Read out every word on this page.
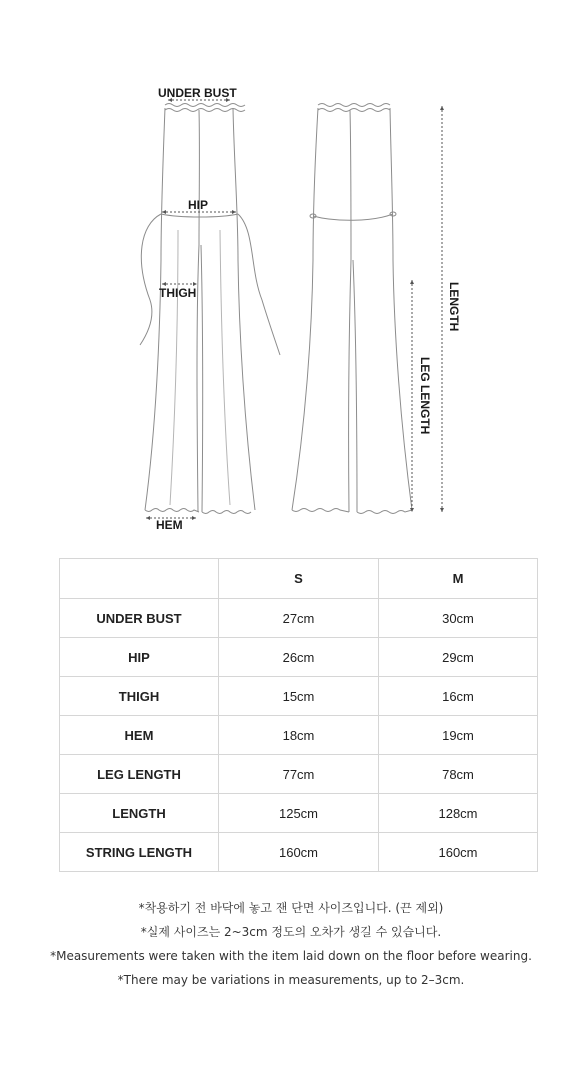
UNDER BUST
HIP
THIGH
HEM
LEG LENGTH
LENGTH
	S	M
UNDER BUST	27cm	30cm
HIP	26cm	29cm
THIGH	15cm	16cm
HEM	18cm	19cm
LEG LENGTH	77cm	78cm
LENGTH	125cm	128cm
STRING LENGTH	160cm	160cm

*착용하기 전 바닥에 놓고 잰 단면 사이즈입니다. (끈 제외)

*실제 사이즈는 2~3cm 정도의 오차가 생길 수 있습니다.

*Measurements were taken with the item laid down on the floor before wearing.

*There may be variations in measurements, up to 2–3cm.
